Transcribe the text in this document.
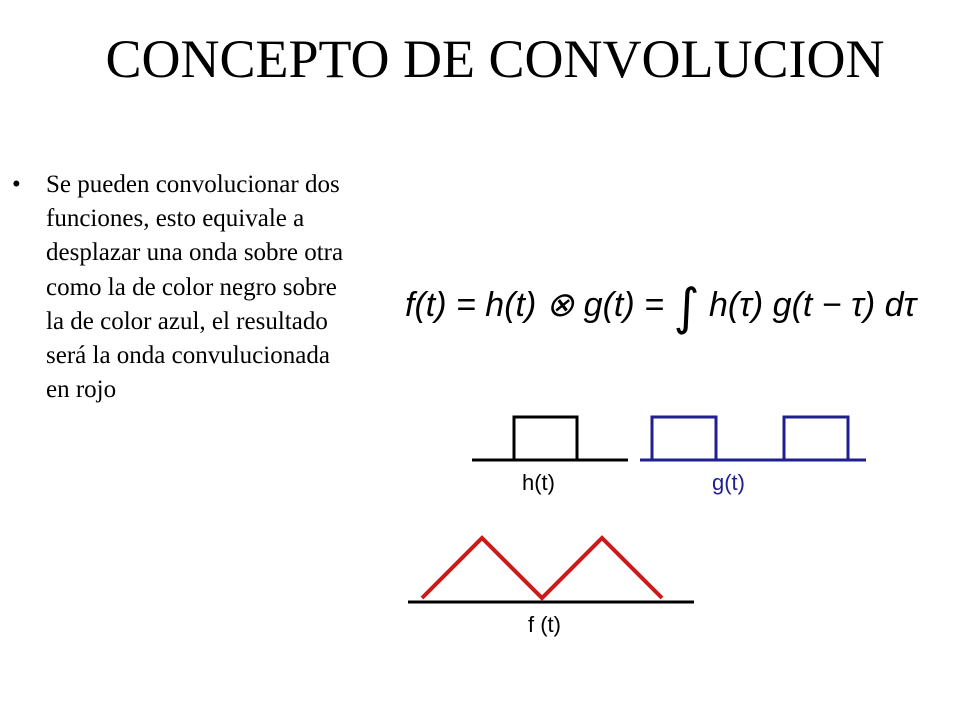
CONCEPTO DE CONVOLUCION
• Se pueden convolucionar dos funciones, esto equivale a desplazar una onda sobre otra como la de color negro sobre la de color azul, el resultado será la onda convulucionada en rojo
f(t) = h(t) ⊗ g(t) = ∫ h(τ) g(t − τ) dτ
h(t)	g(t)
f (t)
